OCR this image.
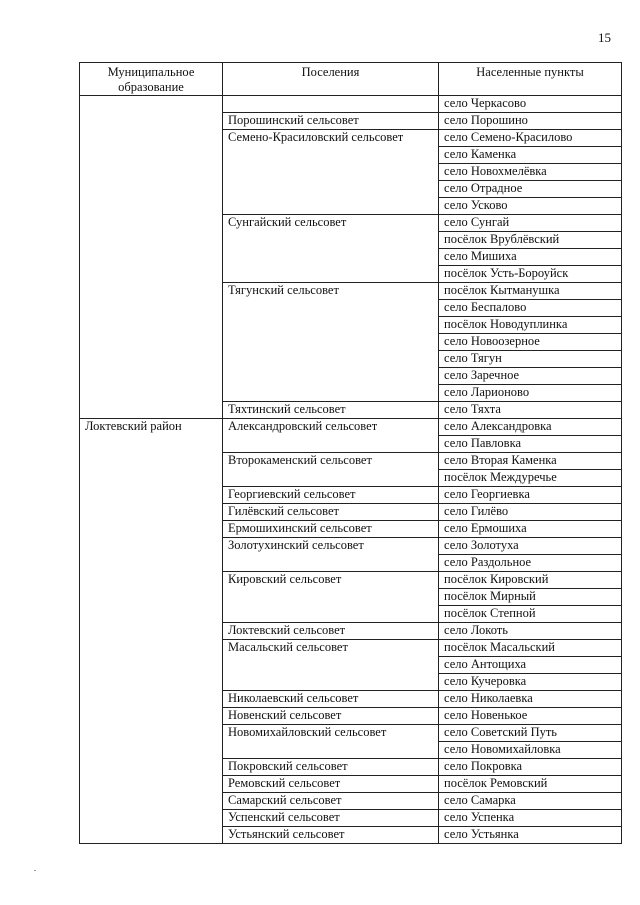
15
Муниципальное образование	Поселения	Населенные пункты
		село Черкасово
	Порошинский сельсовет	село Порошино
	Семено-Красиловский сельсовет	село Семено-Красилово
		село Каменка
		село Новохмелёвка
		село Отрадное
		село Усково
	Сунгайский сельсовет	село Сунгай
		посёлок Врублёвский
		село Мишиха
		посёлок Усть-Бороуйск
	Тягунский сельсовет	посёлок Кытманушка
		село Беспалово
		посёлок Новодуплинка
		село Новоозерное
		село Тягун
		село Заречное
		село Ларионово
	Тяхтинский сельсовет	село Тяхта
Локтевский район	Александровский сельсовет	село Александровка
		село Павловка
	Второкаменский сельсовет	село Вторая Каменка
		посёлок Междуречье
	Георгиевский сельсовет	село Георгиевка
	Гилёвский сельсовет	село Гилёво
	Ермошихинский сельсовет	село Ермошиха
	Золотухинский сельсовет	село Золотуха
		село Раздольное
	Кировский сельсовет	посёлок Кировский
		посёлок Мирный
		посёлок Степной
	Локтевский сельсовет	село Локоть
	Масальский сельсовет	посёлок Масальский
		село Антощиха
		село Кучеровка
	Николаевский сельсовет	село Николаевка
	Новенский сельсовет	село Новенькое
	Новомихайловский сельсовет	село Советский Путь
		село Новомихайловка
	Покровский сельсовет	село Покровка
	Ремовский сельсовет	посёлок Ремовский
	Самарский сельсовет	село Самарка
	Успенский сельсовет	село Успенка
	Устьянский сельсовет	село Устьянка
